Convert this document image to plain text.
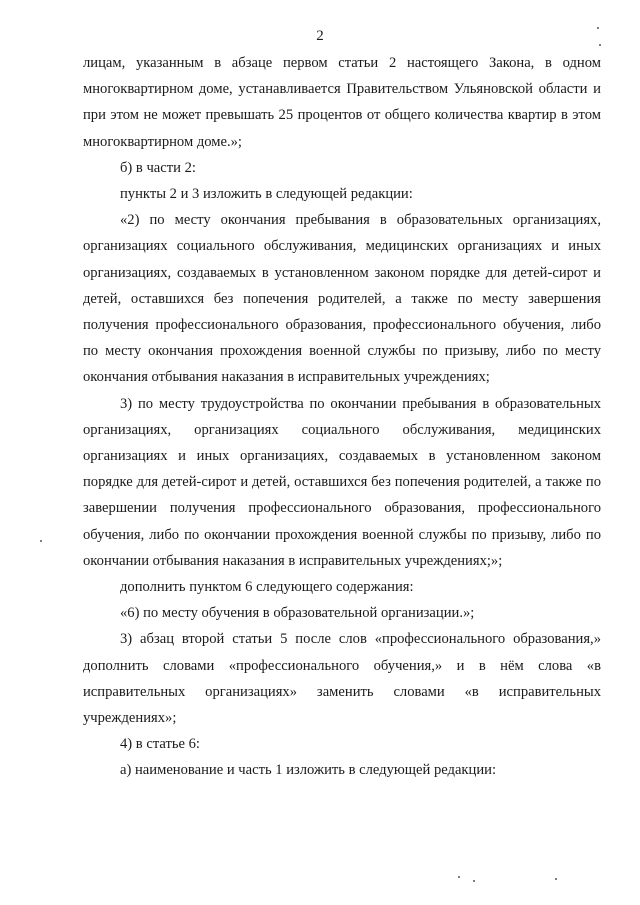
2

лицам, указанным в абзаце первом статьи 2 настоящего Закона, в одном многоквартирном доме, устанавливается Правительством Ульяновской области и при этом не может превышать 25 процентов от общего количества квартир в этом многоквартирном доме.»;

б) в части 2:

пункты 2 и 3 изложить в следующей редакции:

«2) по месту окончания пребывания в образовательных организациях, организациях социального обслуживания, медицинских организациях и иных организациях, создаваемых в установленном законом порядке для детей-сирот и детей, оставшихся без попечения родителей, а также по месту завершения получения профессионального образования, профессионального обучения, либо по месту окончания прохождения военной службы по призыву, либо по месту окончания отбывания наказания в исправительных учреждениях;

3) по месту трудоустройства по окончании пребывания в образовательных организациях, организациях социального обслуживания, медицинских организациях и иных организациях, создаваемых в установленном законом порядке для детей-сирот и детей, оставшихся без попечения родителей, а также по завершении получения профессионального образования, профессионального обучения, либо по окончании прохождения военной службы по призыву, либо по окончании отбывания наказания в исправительных учреждениях;»;

дополнить пунктом 6 следующего содержания:

«6) по месту обучения в образовательной организации.»;

3) абзац второй статьи 5 после слов «профессионального образования,» дополнить словами «профессионального обучения,» и в нём слова «в исправительных организациях» заменить словами «в исправительных учреждениях»;

4) в статье 6:

а) наименование и часть 1 изложить в следующей редакции:
